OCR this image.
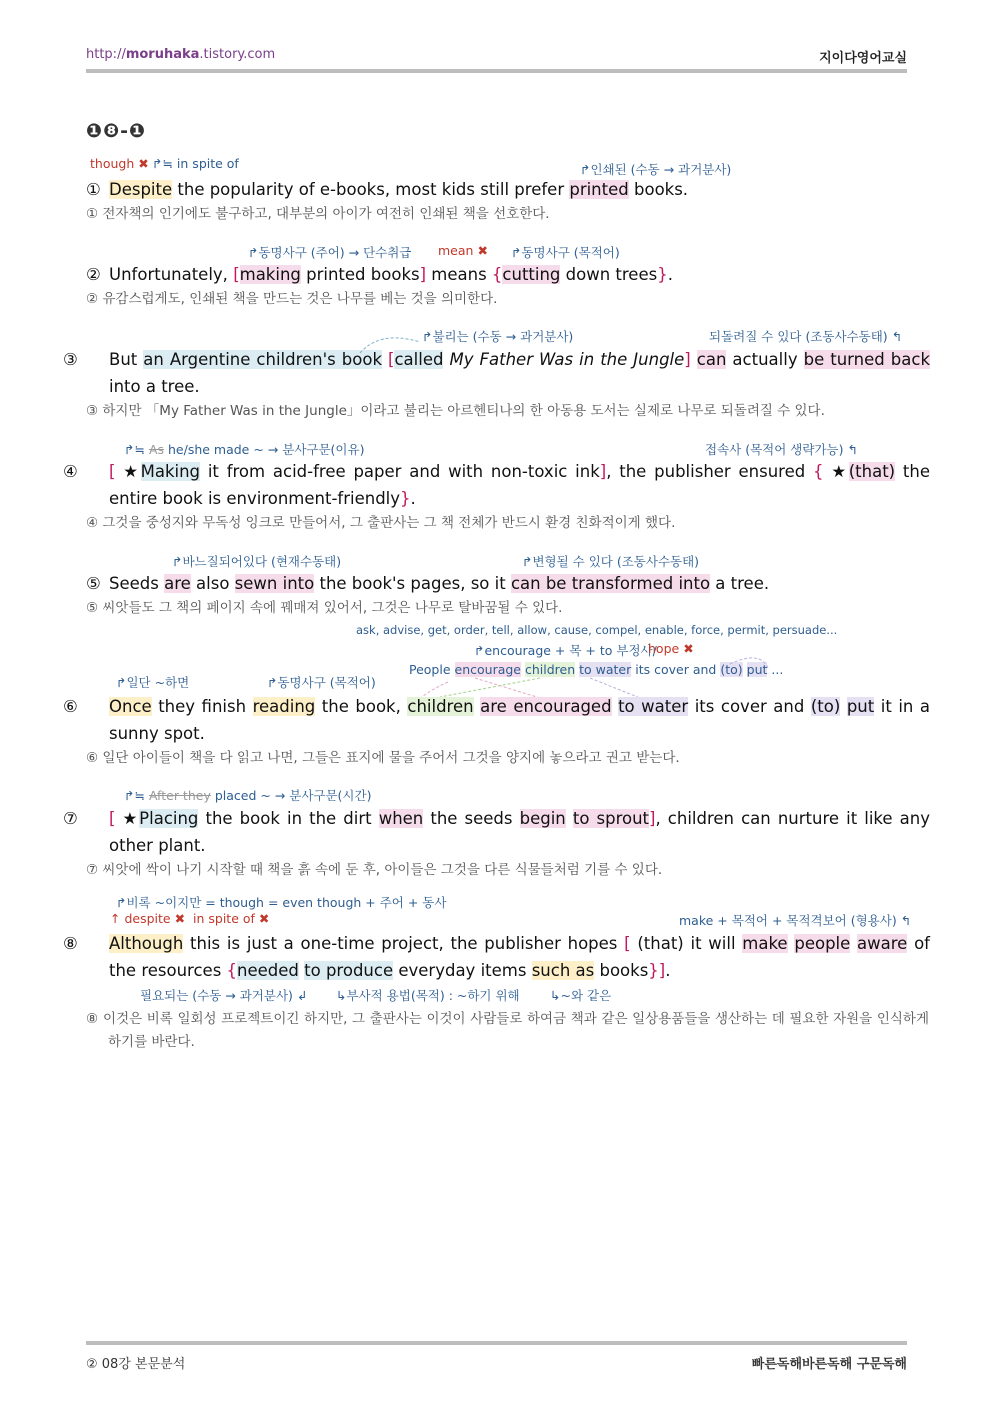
http://moruhaka.tistory.com	지이다영어교실
❶❽-❶
though ✖ ↱≒ in spite of	↱인쇄된 (수동 → 과거분사)
① Despite the popularity of e-books, most kids still prefer printed books.
① 전자책의 인기에도 불구하고, 대부분의 아이가 여전히 인쇄된 책을 선호한다.
↱동명사구 (주어) → 단수취급 mean ✖ ↱동명사구 (목적어)
② Unfortunately, [making printed books] means {cutting down trees}.
② 유감스럽게도, 인쇄된 책을 만드는 것은 나무를 베는 것을 의미한다.
↱불리는 (수동 → 과거분사)	되돌려질 수 있다 (조동사수동태) ↰
③ But an Argentine children's book [called My Father Was in the Jungle] can actually be turned back into a tree.
③ 하지만 「My Father Was in the Jungle」이라고 불리는 아르헨티나의 한 아동용 도서는 실제로 나무로 되돌려질 수 있다.
↱≒ As he/she made ~ → 분사구문(이유)	접속사 (목적어 생략가능) ↰
④ [ ★Making it from acid-free paper and with non-toxic ink], the publisher ensured { ★(that) the entire book is environment-friendly}.
④ 그것을 중성지와 무독성 잉크로 만들어서, 그 출판사는 그 책 전체가 반드시 환경 친화적이게 했다.
↱바느질되어있다 (현재수동태)	↱변형될 수 있다 (조동사수동태)
⑤ Seeds are also sewn into the book's pages, so it can be transformed into a tree.
⑤ 씨앗들도 그 책의 페이지 속에 꿰매져 있어서, 그것은 나무로 탈바꿈될 수 있다.
ask, advise, get, order, tell, allow, cause, compel, enable, force, permit, persuade...
↱encourage + 목 + to 부정사/
hope ✖
People encourage children to water its cover and (to) put ...
↱일단 ~하면	↱동명사구 (목적어)
⑥ Once they finish reading the book, children are encouraged to water its cover and (to) put it in a sunny spot.
⑥ 일단 아이들이 책을 다 읽고 나면, 그들은 표지에 물을 주어서 그것을 양지에 놓으라고 권고 받는다.
↱≒ After they placed ~ → 분사구문(시간)
⑦ [ ★Placing the book in the dirt when the seeds begin to sprout], children can nurture it like any other plant.
⑦ 씨앗에 싹이 나기 시작할 때 책을 흙 속에 둔 후, 아이들은 그것을 다른 식물들처럼 기를 수 있다.
↱비록 ~이지만 = though = even though + 주어 + 동사
↑ despite ✖ in spite of ✖	make + 목적어 + 목적격보어 (형용사) ↰
⑧ Although this is just a one-time project, the publisher hopes [ (that) it will make people aware of the resources {needed to produce everyday items such as books}].
필요되는 (수동 → 과거분사) ↲ ↳부사적 용법(목적) : ~하기 위해 ↳~와 같은
⑧ 이것은 비록 일회성 프로젝트이긴 하지만, 그 출판사는 이것이 사람들로 하여금 책과 같은 일상용품들을 생산하는 데 필요한 자원을 인식하게 하기를 바란다.
② 08강 본문분석	빠른독해바른독해 구문독해
